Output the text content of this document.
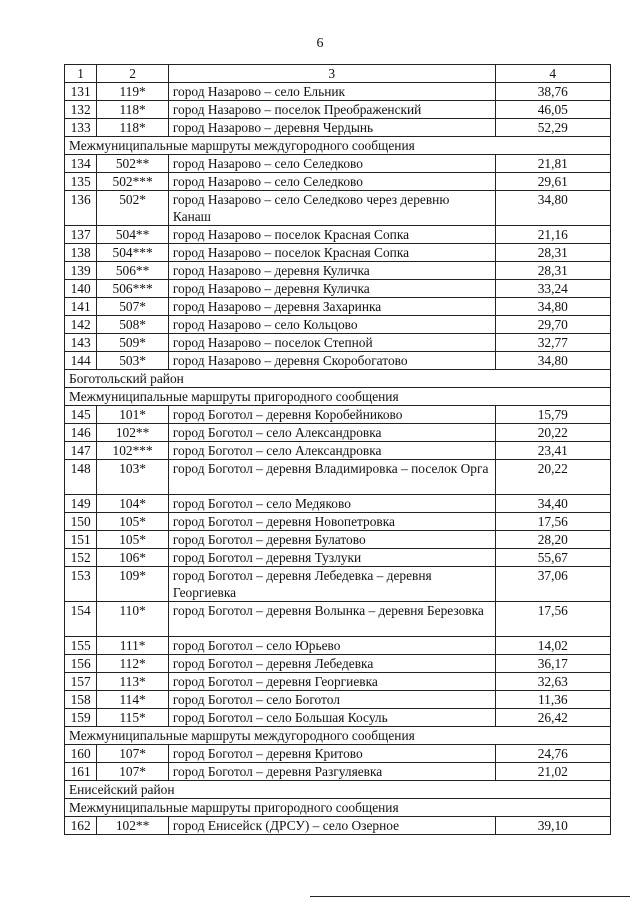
6
1	2	3	4
131	119*	город Назарово – село Ельник	38,76
132	118*	город Назарово – поселок Преображенский	46,05
133	118*	город Назарово – деревня Чердынь	52,29
Межмуниципальные маршруты междугородного сообщения			
134	502**	город Назарово – село Селедково	21,81
135	502***	город Назарово – село Селедково	29,61
136	502*	город Назарово – село Селедково через деревню Канаш	34,80
137	504**	город Назарово – поселок Красная Сопка	21,16
138	504***	город Назарово – поселок Красная Сопка	28,31
139	506**	город Назарово – деревня Куличка	28,31
140	506***	город Назарово – деревня Куличка	33,24
141	507*	город Назарово – деревня Захаринка	34,80
142	508*	город Назарово – село Кольцово	29,70
143	509*	город Назарово – поселок Степной	32,77
144	503*	город Назарово – деревня Скоробогатово	34,80
Боготольский район			
Межмуниципальные маршруты пригородного сообщения			
145	101*	город Боготол – деревня Коробейниково	15,79
146	102**	город Боготол – село Александровка	20,22
147	102***	город Боготол – село Александровка	23,41
148	103*	город Боготол – деревня Владимировка – поселок Орга	20,22
149	104*	город Боготол – село Медяково	34,40
150	105*	город Боготол – деревня Новопетровка	17,56
151	105*	город Боготол – деревня Булатово	28,20
152	106*	город Боготол – деревня Тузлуки	55,67
153	109*	город Боготол – деревня Лебедевка – деревня Георгиевка	37,06
154	110*	город Боготол – деревня Волынка – деревня Березовка	17,56
155	111*	город Боготол – село Юрьево	14,02
156	112*	город Боготол – деревня Лебедевка	36,17
157	113*	город Боготол – деревня Георгиевка	32,63
158	114*	город Боготол – село Боготол	11,36
159	115*	город Боготол – село Большая Косуль	26,42
Межмуниципальные маршруты междугородного сообщения			
160	107*	город Боготол – деревня Критово	24,76
161	107*	город Боготол – деревня Разгуляевка	21,02
Енисейский район			
Межмуниципальные маршруты пригородного сообщения			
162	102**	город Енисейск (ДРСУ) – село Озерное	39,10
